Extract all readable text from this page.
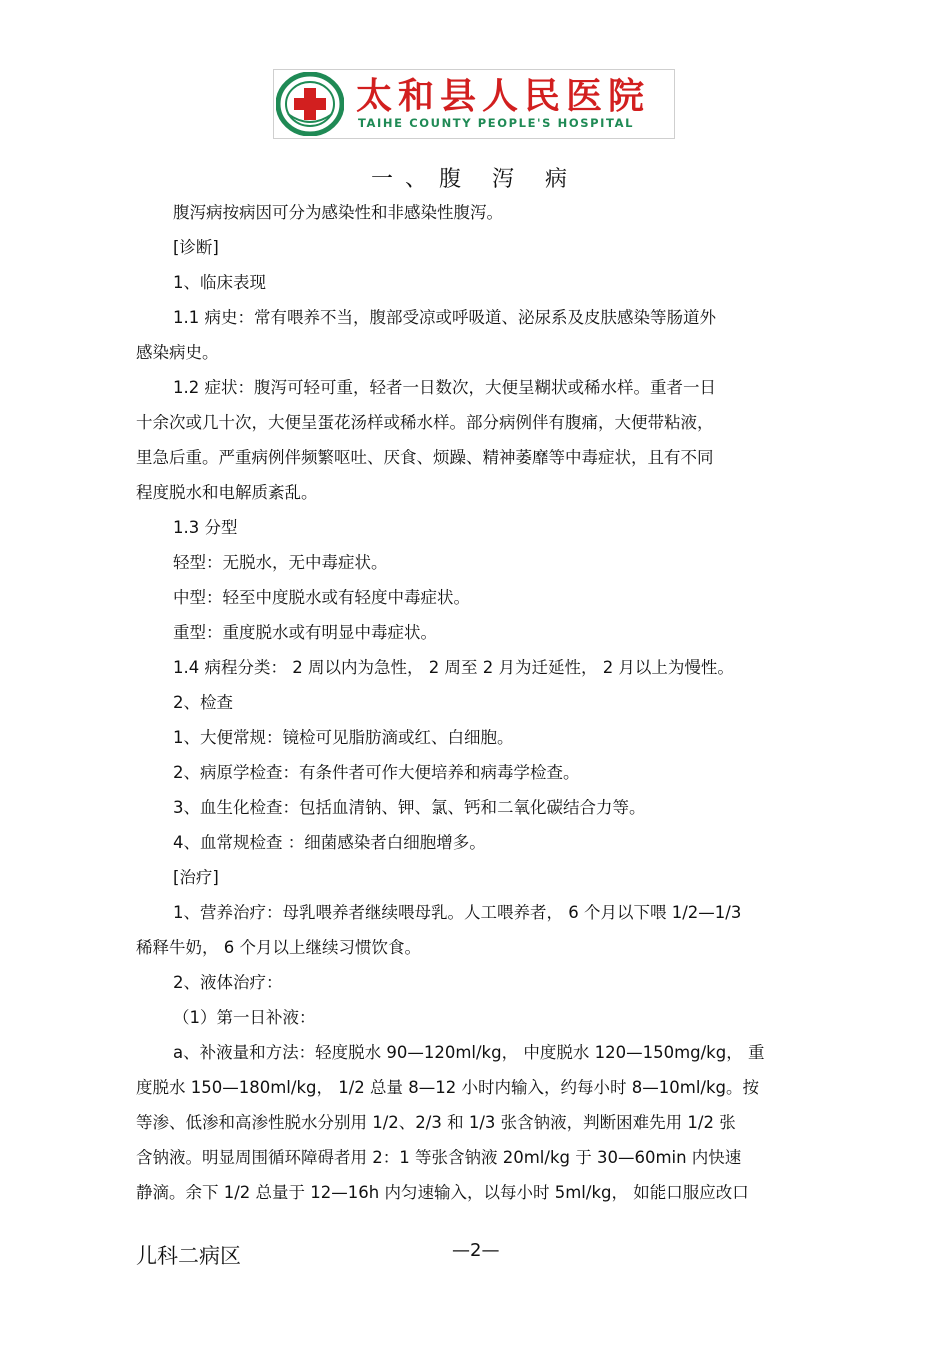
太和县人民医院
TAIHE COUNTY PEOPLE'S HOSPITAL
一、腹 泻 病
腹泻病按病因可分为感染性和非感染性腹泻。
[诊断]
1、临床表现
1.1 病史：常有喂养不当，腹部受凉或呼吸道、泌尿系及皮肤感染等肠道外
感染病史。
1.2 症状：腹泻可轻可重，轻者一日数次，大便呈糊状或稀水样。重者一日
十余次或几十次，大便呈蛋花汤样或稀水样。部分病例伴有腹痛，大便带粘液，
里急后重。严重病例伴频繁呕吐、厌食、烦躁、精神萎靡等中毒症状，且有不同
程度脱水和电解质紊乱。
1.3 分型
轻型：无脱水，无中毒症状。
中型：轻至中度脱水或有轻度中毒症状。
重型：重度脱水或有明显中毒症状。
1.4 病程分类： 2 周以内为急性， 2 周至 2 月为迁延性， 2 月以上为慢性。
2、检查
1、大便常规：镜检可见脂肪滴或红、白细胞。
2、病原学检查：有条件者可作大便培养和病毒学检查。
3、血生化检查：包括血清钠、钾、氯、钙和二氧化碳结合力等。
4、血常规检查 ：细菌感染者白细胞增多。
[治疗]
1、营养治疗：母乳喂养者继续喂母乳。人工喂养者， 6 个月以下喂 1/2—1/3
稀释牛奶， 6 个月以上继续习惯饮食。
2、液体治疗：
（1）第一日补液：
a、补液量和方法：轻度脱水 90—120ml/kg， 中度脱水 120—150mg/kg， 重
度脱水 150—180ml/kg， 1/2 总量 8—12 小时内输入，约每小时 8—10ml/kg。按
等渗、低渗和高渗性脱水分别用 1/2、2/3 和 1/3 张含钠液，判断困难先用 1/2 张
含钠液。明显周围循环障碍者用 2：1 等张含钠液 20ml/kg 于 30—60min 内快速
静滴。余下 1/2 总量于 12—16h 内匀速输入，以每小时 5ml/kg， 如能口服应改口
儿科二病区	—2—
